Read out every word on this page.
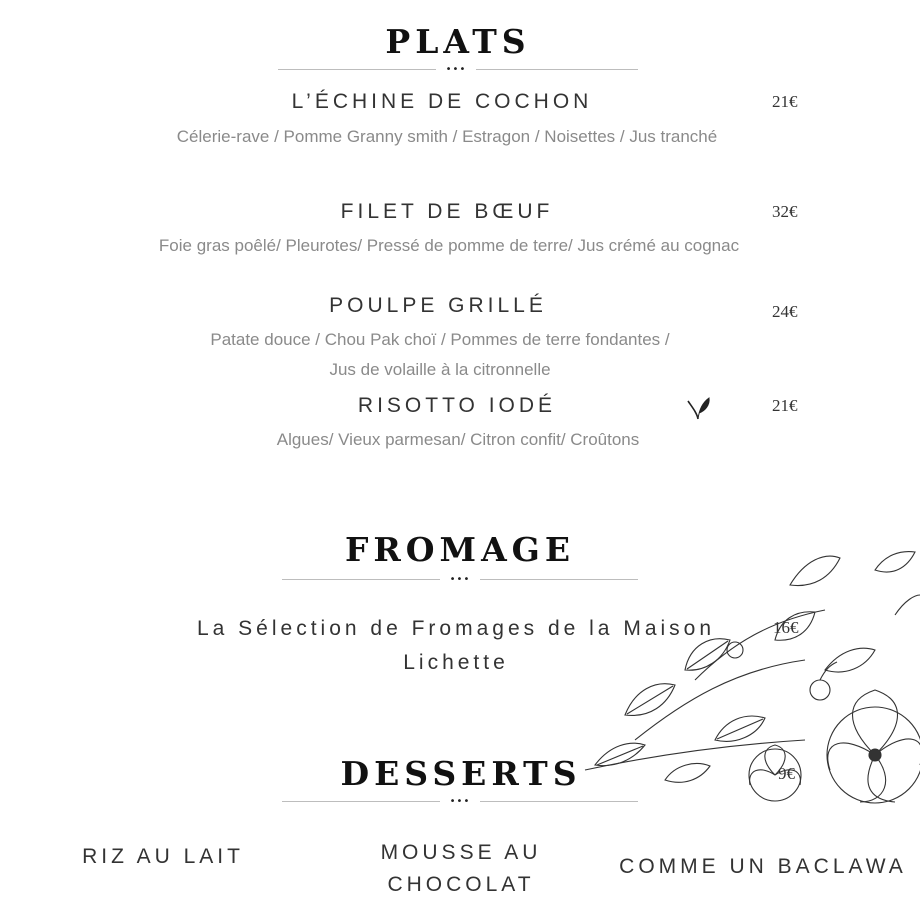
PLATS
•••
L’ÉCHINE DE COCHON	21€
Célerie-rave / Pomme Granny smith / Estragon / Noisettes / Jus tranché
FILET DE BŒUF	32€
Foie gras poêlé/ Pleurotes/ Pressé de pomme de terre/ Jus crémé au cognac
POULPE GRILLÉ	24€
Patate douce / Chou Pak choï / Pommes de terre fondantes /
Jus de volaille à la citronnelle
RISOTTO IODÉ	21€
Algues/ Vieux parmesan/ Citron confit/ Croûtons
FROMAGE
•••
La Sélection de Fromages de la Maison	16€
Lichette
DESSERTS
•••
9€
RIZ AU LAIT	MOUSSE AU
CHOCOLAT
COMME UN BACLAWA
